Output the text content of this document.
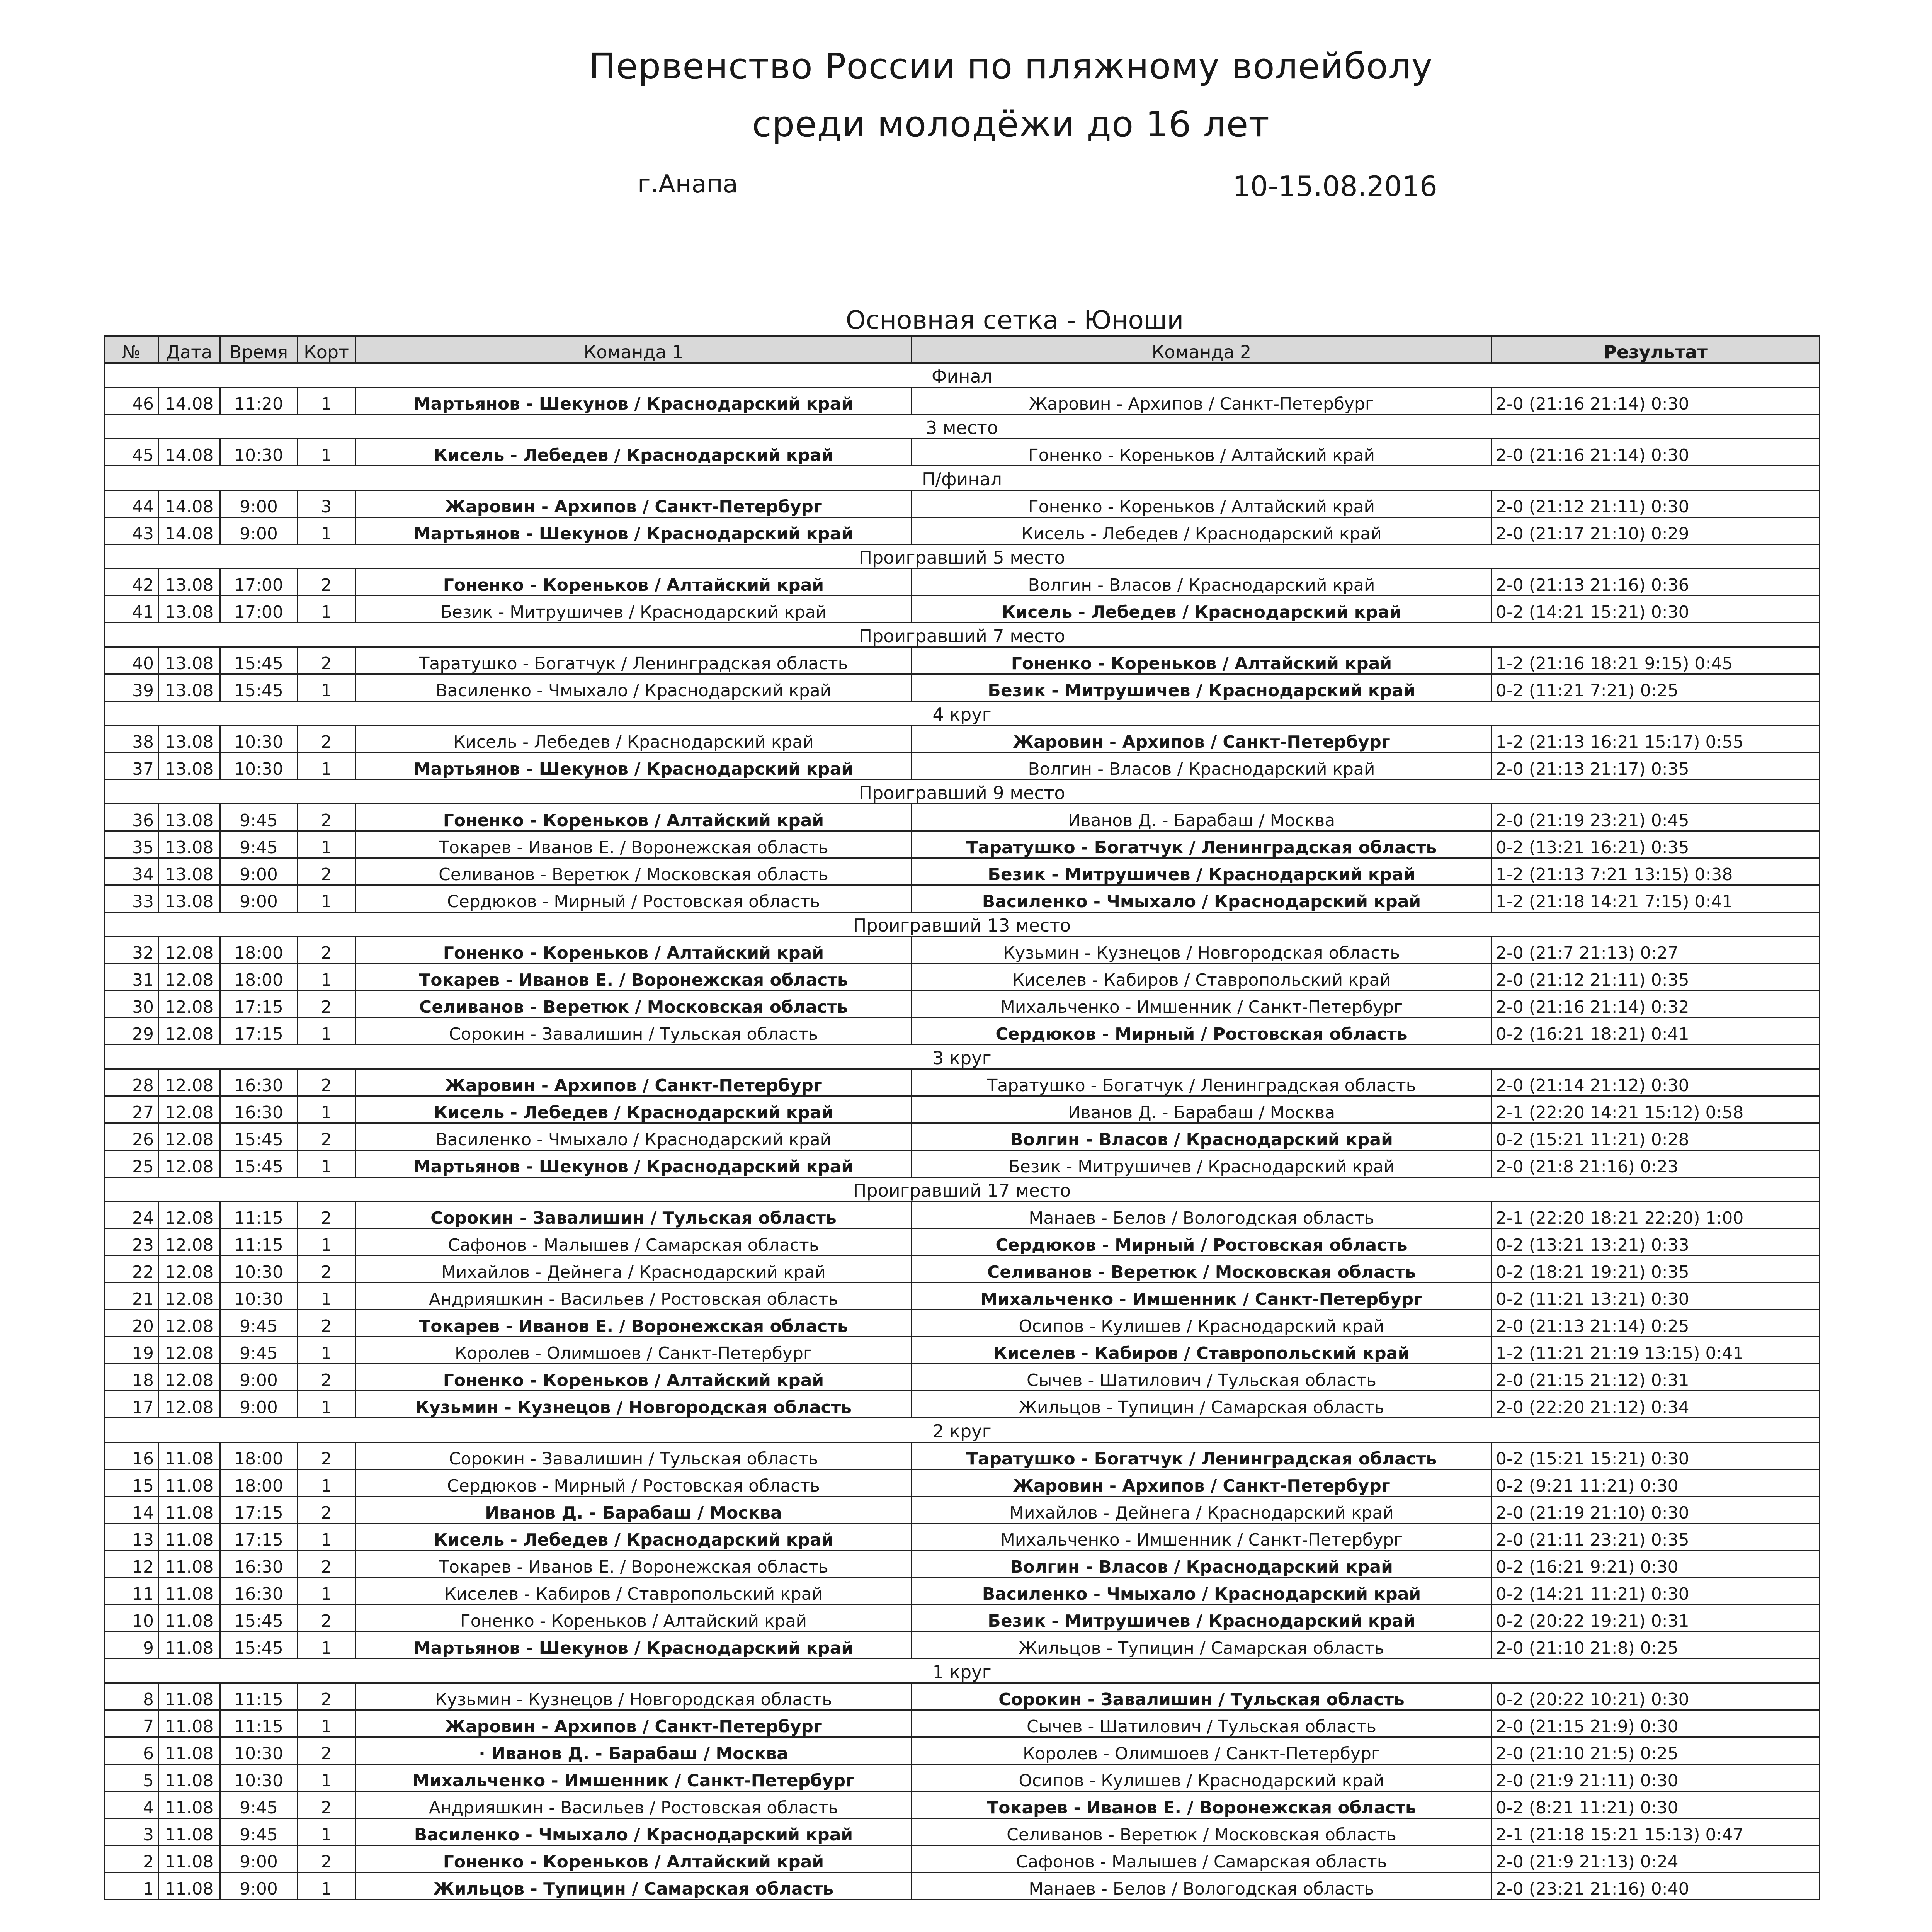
Первенство России по пляжному волейболу
среди молодёжи до 16 лет
г.Анапа	10-15.08.2016
Основная сетка - Юноши
№	Дата	Время	Корт	Команда 1	Команда 2	Результат
Финал						
46	14.08	11:20	1	Мартьянов - Шекунов / Краснодарский край	Жаровин - Архипов / Санкт-Петербург	2-0 (21:16 21:14) 0:30
3 место						
45	14.08	10:30	1	Кисель - Лебедев / Краснодарский край	Гоненко - Кореньков / Алтайский край	2-0 (21:16 21:14) 0:30
П/финал						
44	14.08	9:00	3	Жаровин - Архипов / Санкт-Петербург	Гоненко - Кореньков / Алтайский край	2-0 (21:12 21:11) 0:30
43	14.08	9:00	1	Мартьянов - Шекунов / Краснодарский край	Кисель - Лебедев / Краснодарский край	2-0 (21:17 21:10) 0:29
Проигравший 5 место						
42	13.08	17:00	2	Гоненко - Кореньков / Алтайский край	Волгин - Власов / Краснодарский край	2-0 (21:13 21:16) 0:36
41	13.08	17:00	1	Безик - Митрушичев / Краснодарский край	Кисель - Лебедев / Краснодарский край	0-2 (14:21 15:21) 0:30
Проигравший 7 место						
40	13.08	15:45	2	Таратушко - Богатчук / Ленинградская область	Гоненко - Кореньков / Алтайский край	1-2 (21:16 18:21 9:15) 0:45
39	13.08	15:45	1	Василенко - Чмыхало / Краснодарский край	Безик - Митрушичев / Краснодарский край	0-2 (11:21 7:21) 0:25
4 круг						
38	13.08	10:30	2	Кисель - Лебедев / Краснодарский край	Жаровин - Архипов / Санкт-Петербург	1-2 (21:13 16:21 15:17) 0:55
37	13.08	10:30	1	Мартьянов - Шекунов / Краснодарский край	Волгин - Власов / Краснодарский край	2-0 (21:13 21:17) 0:35
Проигравший 9 место						
36	13.08	9:45	2	Гоненко - Кореньков / Алтайский край	Иванов Д. - Барабаш / Москва	2-0 (21:19 23:21) 0:45
35	13.08	9:45	1	Токарев - Иванов Е. / Воронежская область	Таратушко - Богатчук / Ленинградская область	0-2 (13:21 16:21) 0:35
34	13.08	9:00	2	Селиванов - Веретюк / Московская область	Безик - Митрушичев / Краснодарский край	1-2 (21:13 7:21 13:15) 0:38
33	13.08	9:00	1	Сердюков - Мирный / Ростовская область	Василенко - Чмыхало / Краснодарский край	1-2 (21:18 14:21 7:15) 0:41
Проигравший 13 место						
32	12.08	18:00	2	Гоненко - Кореньков / Алтайский край	Кузьмин - Кузнецов / Новгородская область	2-0 (21:7 21:13) 0:27
31	12.08	18:00	1	Токарев - Иванов Е. / Воронежская область	Киселев - Кабиров / Ставропольский край	2-0 (21:12 21:11) 0:35
30	12.08	17:15	2	Селиванов - Веретюк / Московская область	Михальченко - Имшенник / Санкт-Петербург	2-0 (21:16 21:14) 0:32
29	12.08	17:15	1	Сорокин - Завалишин / Тульская область	Сердюков - Мирный / Ростовская область	0-2 (16:21 18:21) 0:41
3 круг						
28	12.08	16:30	2	Жаровин - Архипов / Санкт-Петербург	Таратушко - Богатчук / Ленинградская область	2-0 (21:14 21:12) 0:30
27	12.08	16:30	1	Кисель - Лебедев / Краснодарский край	Иванов Д. - Барабаш / Москва	2-1 (22:20 14:21 15:12) 0:58
26	12.08	15:45	2	Василенко - Чмыхало / Краснодарский край	Волгин - Власов / Краснодарский край	0-2 (15:21 11:21) 0:28
25	12.08	15:45	1	Мартьянов - Шекунов / Краснодарский край	Безик - Митрушичев / Краснодарский край	2-0 (21:8 21:16) 0:23
Проигравший 17 место						
24	12.08	11:15	2	Сорокин - Завалишин / Тульская область	Манаев - Белов / Вологодская область	2-1 (22:20 18:21 22:20) 1:00
23	12.08	11:15	1	Сафонов - Малышев / Самарская область	Сердюков - Мирный / Ростовская область	0-2 (13:21 13:21) 0:33
22	12.08	10:30	2	Михайлов - Дейнега / Краснодарский край	Селиванов - Веретюк / Московская область	0-2 (18:21 19:21) 0:35
21	12.08	10:30	1	Андрияшкин - Васильев / Ростовская область	Михальченко - Имшенник / Санкт-Петербург	0-2 (11:21 13:21) 0:30
20	12.08	9:45	2	Токарев - Иванов Е. / Воронежская область	Осипов - Кулишев / Краснодарский край	2-0 (21:13 21:14) 0:25
19	12.08	9:45	1	Королев - Олимшоев / Санкт-Петербург	Киселев - Кабиров / Ставропольский край	1-2 (11:21 21:19 13:15) 0:41
18	12.08	9:00	2	Гоненко - Кореньков / Алтайский край	Сычев - Шатилович / Тульская область	2-0 (21:15 21:12) 0:31
17	12.08	9:00	1	Кузьмин - Кузнецов / Новгородская область	Жильцов - Тупицин / Самарская область	2-0 (22:20 21:12) 0:34
2 круг						
16	11.08	18:00	2	Сорокин - Завалишин / Тульская область	Таратушко - Богатчук / Ленинградская область	0-2 (15:21 15:21) 0:30
15	11.08	18:00	1	Сердюков - Мирный / Ростовская область	Жаровин - Архипов / Санкт-Петербург	0-2 (9:21 11:21) 0:30
14	11.08	17:15	2	Иванов Д. - Барабаш / Москва	Михайлов - Дейнега / Краснодарский край	2-0 (21:19 21:10) 0:30
13	11.08	17:15	1	Кисель - Лебедев / Краснодарский край	Михальченко - Имшенник / Санкт-Петербург	2-0 (21:11 23:21) 0:35
12	11.08	16:30	2	Токарев - Иванов Е. / Воронежская область	Волгин - Власов / Краснодарский край	0-2 (16:21 9:21) 0:30
11	11.08	16:30	1	Киселев - Кабиров / Ставропольский край	Василенко - Чмыхало / Краснодарский край	0-2 (14:21 11:21) 0:30
10	11.08	15:45	2	Гоненко - Кореньков / Алтайский край	Безик - Митрушичев / Краснодарский край	0-2 (20:22 19:21) 0:31
9	11.08	15:45	1	Мартьянов - Шекунов / Краснодарский край	Жильцов - Тупицин / Самарская область	2-0 (21:10 21:8) 0:25
1 круг						
8	11.08	11:15	2	Кузьмин - Кузнецов / Новгородская область	Сорокин - Завалишин / Тульская область	0-2 (20:22 10:21) 0:30
7	11.08	11:15	1	Жаровин - Архипов / Санкт-Петербург	Сычев - Шатилович / Тульская область	2-0 (21:15 21:9) 0:30
6	11.08	10:30	2	· Иванов Д. - Барабаш / Москва	Королев - Олимшоев / Санкт-Петербург	2-0 (21:10 21:5) 0:25
5	11.08	10:30	1	Михальченко - Имшенник / Санкт-Петербург	Осипов - Кулишев / Краснодарский край	2-0 (21:9 21:11) 0:30
4	11.08	9:45	2	Андрияшкин - Васильев / Ростовская область	Токарев - Иванов Е. / Воронежская область	0-2 (8:21 11:21) 0:30
3	11.08	9:45	1	Василенко - Чмыхало / Краснодарский край	Селиванов - Веретюк / Московская область	2-1 (21:18 15:21 15:13) 0:47
2	11.08	9:00	2	Гоненко - Кореньков / Алтайский край	Сафонов - Малышев / Самарская область	2-0 (21:9 21:13) 0:24
1	11.08	9:00	1	Жильцов - Тупицин / Самарская область	Манаев - Белов / Вологодская область	2-0 (23:21 21:16) 0:40
